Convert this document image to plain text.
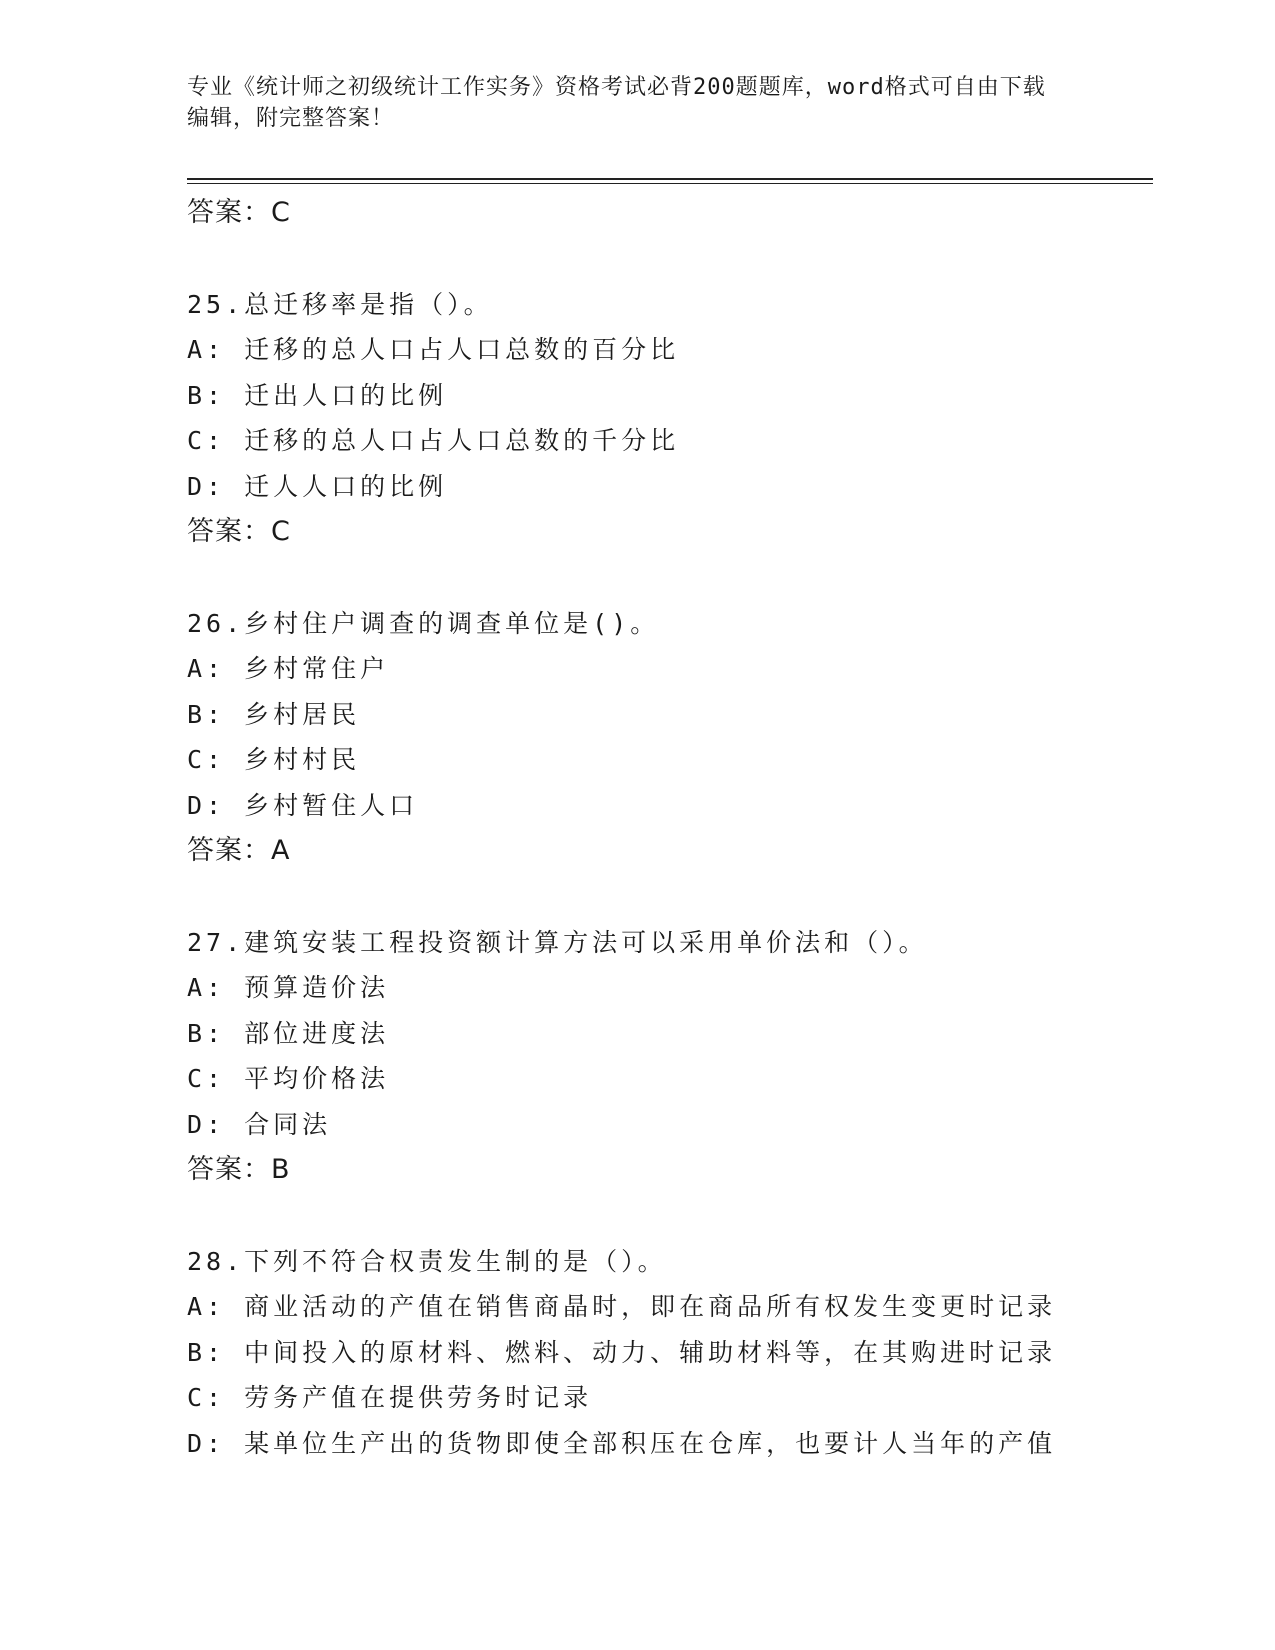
专业《统计师之初级统计工作实务》资格考试必背200题题库，word格式可自由下载编辑，附完整答案！
答案：C
25.总迁移率是指（）。
A: 迁移的总人口占人口总数的百分比
B: 迁出人口的比例
C: 迁移的总人口占人口总数的千分比
D: 迁人人口的比例
答案：C
26.乡村住户调查的调查单位是()。
A: 乡村常住户
B: 乡村居民
C: 乡村村民
D: 乡村暂住人口
答案：A
27.建筑安装工程投资额计算方法可以采用单价法和（）。
A: 预算造价法
B: 部位进度法
C: 平均价格法
D: 合同法
答案：B
28.下列不符合权责发生制的是（）。
A: 商业活动的产值在销售商晶时，即在商品所有权发生变更时记录
B: 中间投入的原材料、燃料、动力、辅助材料等，在其购进时记录
C: 劳务产值在提供劳务时记录
D: 某单位生产出的货物即使全部积压在仓库，也要计人当年的产值
